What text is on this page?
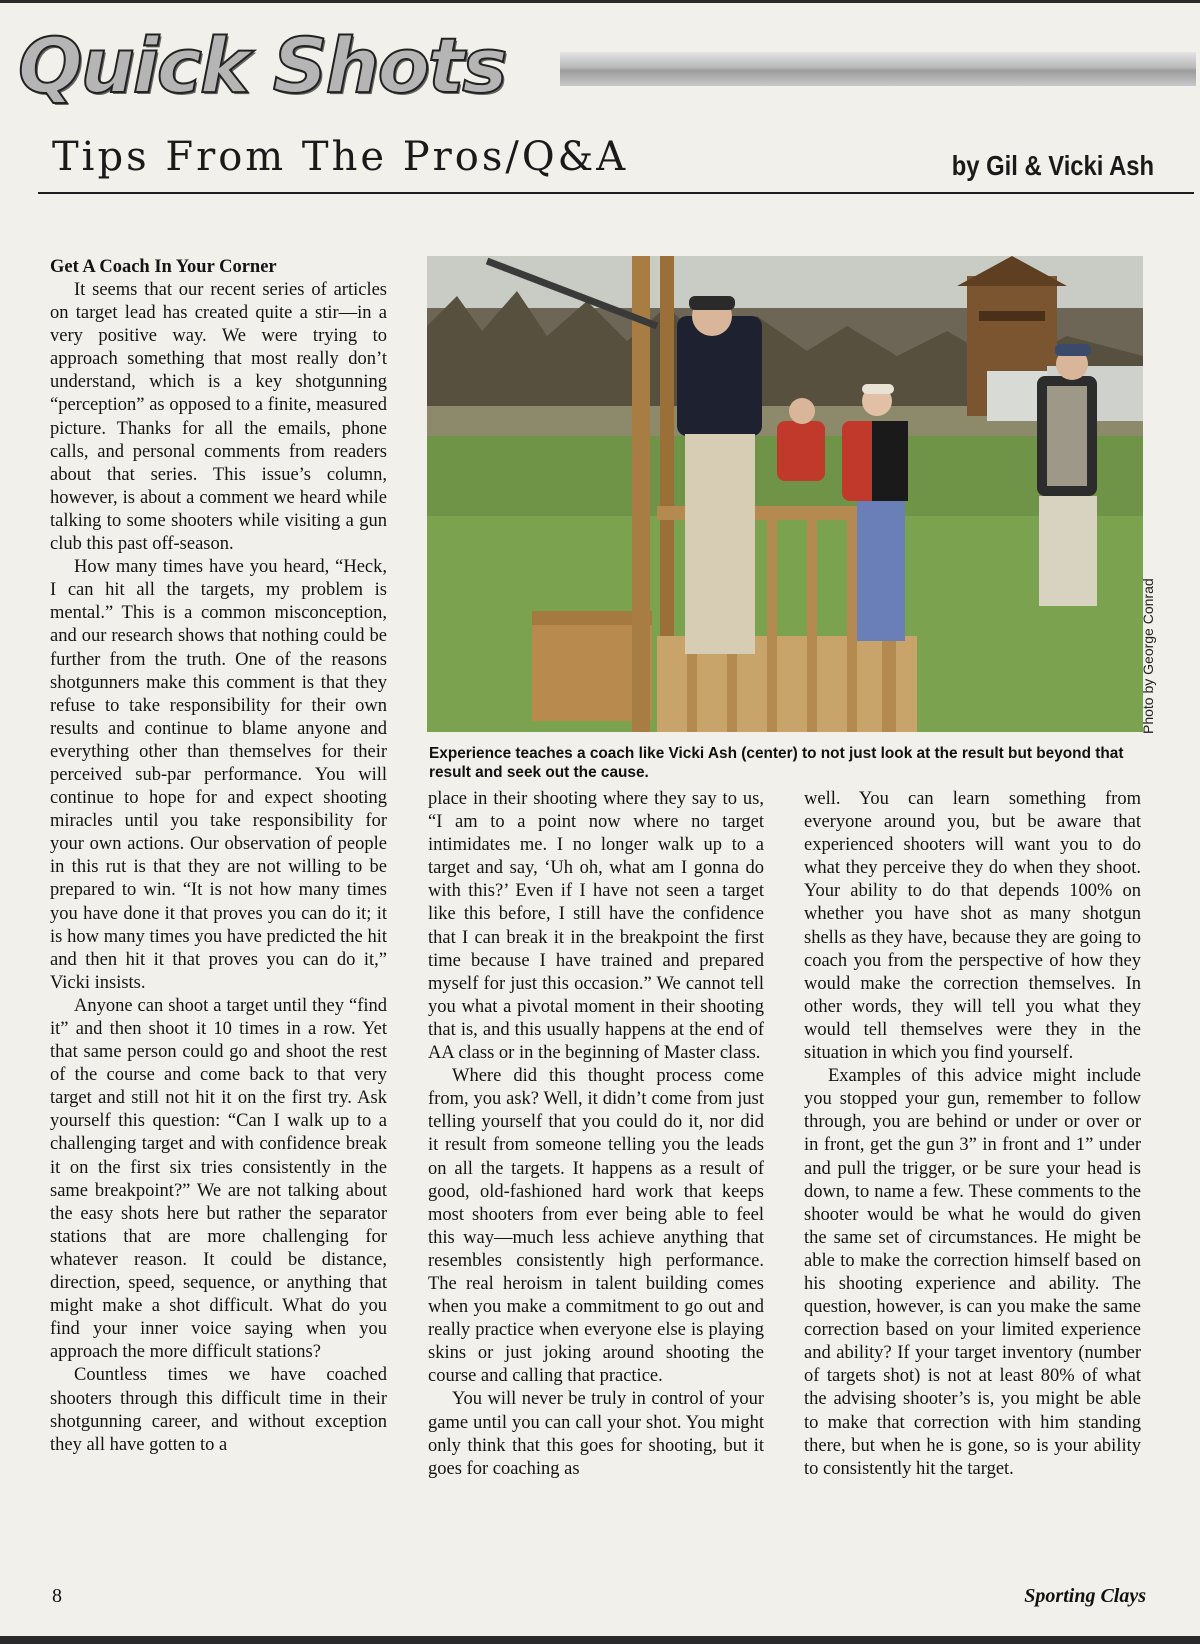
Quick Shots
Tips From The Pros/Q&A	by Gil & Vicki Ash

Get A Coach In Your Corner

It seems that our recent series of articles on target lead has created quite a stir—in a very positive way. We were trying to approach something that most really don’t understand, which is a key shotgunning “perception” as opposed to a finite, measured picture. Thanks for all the emails, phone calls, and personal comments from readers about that series. This issue’s column, however, is about a comment we heard while talking to some shooters while visiting a gun club this past off-season.

How many times have you heard, “Heck, I can hit all the targets, my problem is mental.” This is a common misconception, and our research shows that nothing could be further from the truth. One of the reasons shotgunners make this comment is that they refuse to take responsibility for their own results and continue to blame anyone and everything other than themselves for their perceived sub-par performance. You will continue to hope for and expect shooting miracles until you take responsibility for your own actions. Our observation of people in this rut is that they are not willing to be prepared to win. “It is not how many times you have done it that proves you can do it; it is how many times you have predicted the hit and then hit it that proves you can do it,” Vicki insists.

Anyone can shoot a target until they “find it” and then shoot it 10 times in a row. Yet that same person could go and shoot the rest of the course and come back to that very target and still not hit it on the first try. Ask yourself this question: “Can I walk up to a challenging target and with confidence break it on the first six tries consistently in the same breakpoint?” We are not talking about the easy shots here but rather the separator stations that are more challenging for whatever reason. It could be distance, direction, speed, sequence, or anything that might make a shot difficult. What do you find your inner voice saying when you approach the more difficult stations?

Countless times we have coached shooters through this difficult time in their shotgunning career, and without exception they all have gotten to a

Photo by George Conrad

Experience teaches a coach like Vicki Ash (center) to not just look at the result but beyond that result and seek out the cause.

place in their shooting where they say to us, “I am to a point now where no target intimidates me. I no longer walk up to a target and say, ‘Uh oh, what am I gonna do with this?’ Even if I have not seen a target like this before, I still have the confidence that I can break it in the breakpoint the first time because I have trained and prepared myself for just this occasion.” We cannot tell you what a pivotal moment in their shooting that is, and this usually happens at the end of AA class or in the beginning of Master class.

Where did this thought process come from, you ask? Well, it didn’t come from just telling yourself that you could do it, nor did it result from someone telling you the leads on all the targets. It happens as a result of good, old-fashioned hard work that keeps most shooters from ever being able to feel this way—much less achieve anything that resembles consistently high performance. The real heroism in talent building comes when you make a commitment to go out and really practice when everyone else is playing skins or just joking around shooting the course and calling that practice.

You will never be truly in control of your game until you can call your shot. You might only think that this goes for shooting, but it goes for coaching as

well. You can learn something from everyone around you, but be aware that experienced shooters will want you to do what they perceive they do when they shoot. Your ability to do that depends 100% on whether you have shot as many shotgun shells as they have, because they are going to coach you from the perspective of how they would make the correction themselves. In other words, they will tell you what they would tell themselves were they in the situation in which you find yourself.

Examples of this advice might include you stopped your gun, remember to follow through, you are behind or under or over or in front, get the gun 3” in front and 1” under and pull the trigger, or be sure your head is down, to name a few. These comments to the shooter would be what he would do given the same set of circumstances. He might be able to make the correction himself based on his shooting experience and ability. The question, however, is can you make the same correction based on your limited experience and ability? If your target inventory (number of targets shot) is not at least 80% of what the advising shooter’s is, you might be able to make that correction with him standing there, but when he is gone, so is your ability to consistently hit the target.

8	Sporting Clays
